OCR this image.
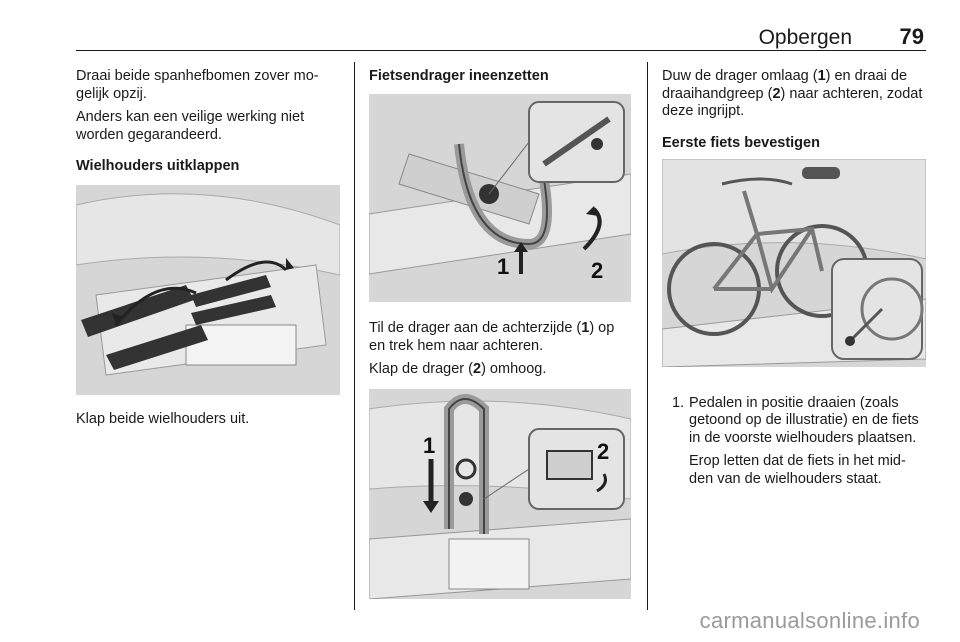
Opbergen 79

Draai beide spanhefbomen zover mo-gelijk opzij.

Anders kan een veilige werking niet worden gegarandeerd.

Wielhouders uitklappen

Klap beide wielhouders uit.

Fietsendrager ineenzetten
1	2

Til de drager aan de achterzijde (1) op en trek hem naar achteren.

Klap de drager (2) omhoog.

1	2

Duw de drager omlaag (1) en draai de draaihandgreep (2) naar achteren, zodat deze ingrijpt.

Eerste fiets bevestigen
1. Pedalen in positie draaien (zoals getoond op de illustratie) en de fiets in de voorste wielhouders plaatsen.

Erop letten dat de fiets in het mid-den van de wielhouders staat.

carmanualsonline.info
